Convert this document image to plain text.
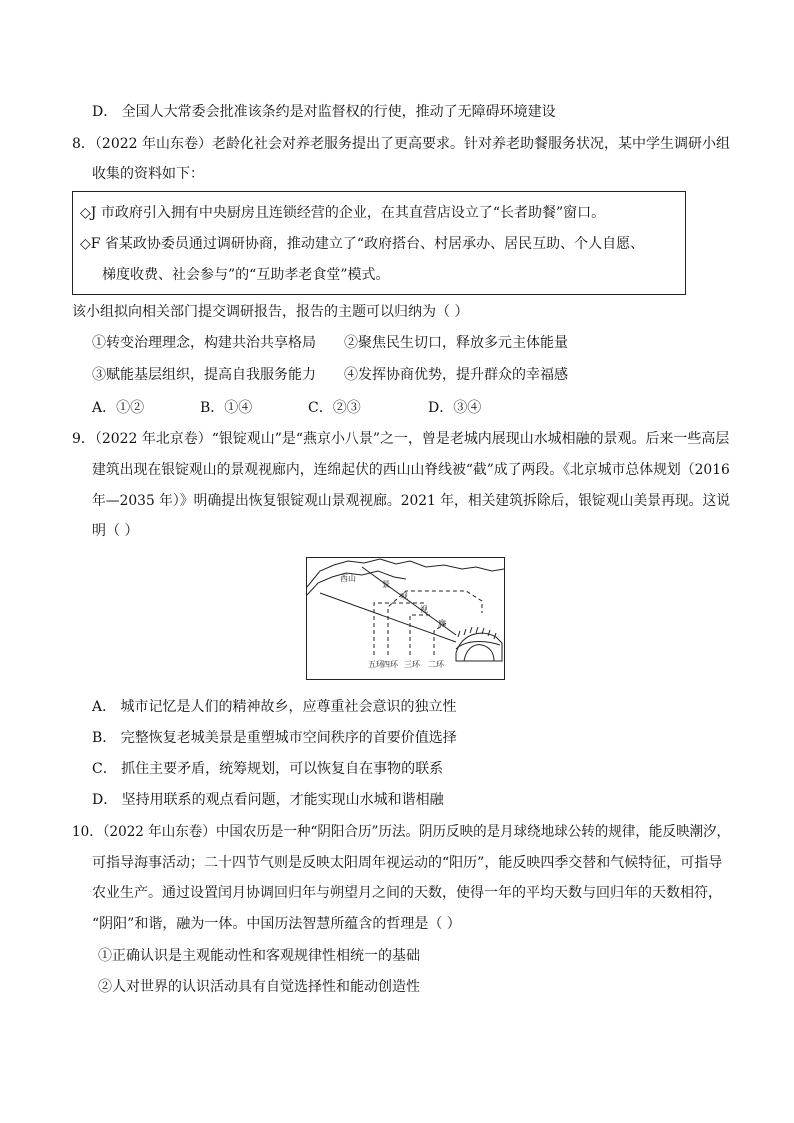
D． 全国人大常委会批准该条约是对监督权的行使，推动了无障碍环境建设
8．（2022 年山东卷）老龄化社会对养老服务提出了更高要求。针对养老助餐服务状况，某中学生调研小组
收集的资料如下：
◇J 市政府引入拥有中央厨房且连锁经营的企业，在其直营店设立了“长者助餐”窗口。
◇F 省某政协委员通过调研协商，推动建立了“政府搭台、村居承办、居民互助、个人自愿、
梯度收费、社会参与”的“互助孝老食堂”模式。
该小组拟向相关部门提交调研报告，报告的主题可以归纳为（ ）
①转变治理理念，构建共治共享格局 ②聚焦民生切口，释放多元主体能量
③赋能基层组织，提高自我服务能力 ④发挥协商优势，提升群众的幸福感
A．①②	B．①④	C．②③	D．③④
9．（2022 年北京卷）“银锭观山”是“燕京小八景”之一，曾是老城内展现山水城相融的景观。后来一些高层
建筑出现在银锭观山的景观视廊内，连绵起伏的西山山脊线被“截”成了两段。《北京城市总体规划（2016
年—2035 年）》明确提出恢复银锭观山景观视廊。2021 年，相关建筑拆除后，银锭观山美景再现。这说
明（ ）
西山
景
观
视
廊
五环
四环 三环 二环
A． 城市记忆是人们的精神故乡，应尊重社会意识的独立性
B． 完整恢复老城美景是重塑城市空间秩序的首要价值选择
C． 抓住主要矛盾，统筹规划，可以恢复自在事物的联系
D． 坚持用联系的观点看问题，才能实现山水城和谐相融
10．（2022 年山东卷）中国农历是一种“阴阳合历”历法。阴历反映的是月球绕地球公转的规律，能反映潮汐，
可指导海事活动；二十四节气则是反映太阳周年视运动的“阳历”，能反映四季交替和气候特征，可指导
农业生产。通过设置闰月协调回归年与朔望月之间的天数，使得一年的平均天数与回归年的天数相符，
“阴阳”和谐，融为一体。中国历法智慧所蕴含的哲理是（ ）
①正确认识是主观能动性和客观规律性相统一的基础
②人对世界的认识活动具有自觉选择性和能动创造性
